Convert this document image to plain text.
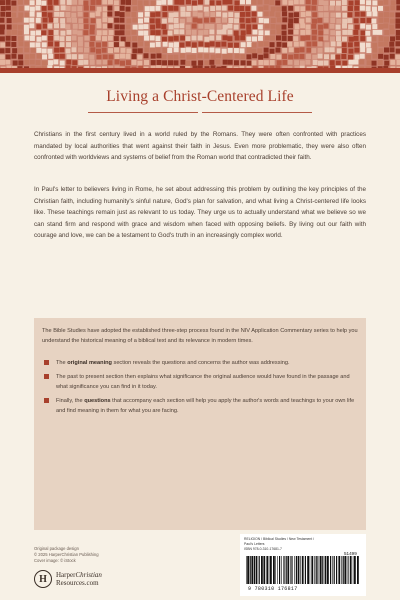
Living a Christ-Centered Life

Christians in the first century lived in a world ruled by the Romans. They were often confronted with practices mandated by local authorities that went against their faith in Jesus. Even more problematic, they were also often confronted with worldviews and systems of belief from the Roman world that contradicted their faith.

In Paul's letter to believers living in Rome, he set about addressing this problem by outlining the key principles of the Christian faith, including humanity's sinful nature, God's plan for salvation, and what living a Christ-centered life looks like. These teachings remain just as relevant to us today. They urge us to actually understand what we believe so we can stand firm and respond with grace and wisdom when faced with opposing beliefs. By living out our faith with courage and love, we can be a testament to God's truth in an increasingly complex world.

The Bible Studies have adopted the established three-step process found in the NIV Application Commentary series to help you understand the historical meaning of a biblical text and its relevance in modern times.

The original meaning section reveals the questions and concerns the author was addressing.
The past to present section then explains what significance the original audience would have found in the passage and what significance you can find in it today.
Finally, the questions that accompany each section will help you apply the author's words and teachings to your own life and find meaning in them for what you are facing.
Original package design
© 2025 HarperChristian Publishing
Cover image: © iStock
H	HarperChristian
Resources.com
RELIGION / Biblical Studies / New Testament /
Paul's Letters
ISBN 978-0-310-17681-7
51499
9 780310 176817
